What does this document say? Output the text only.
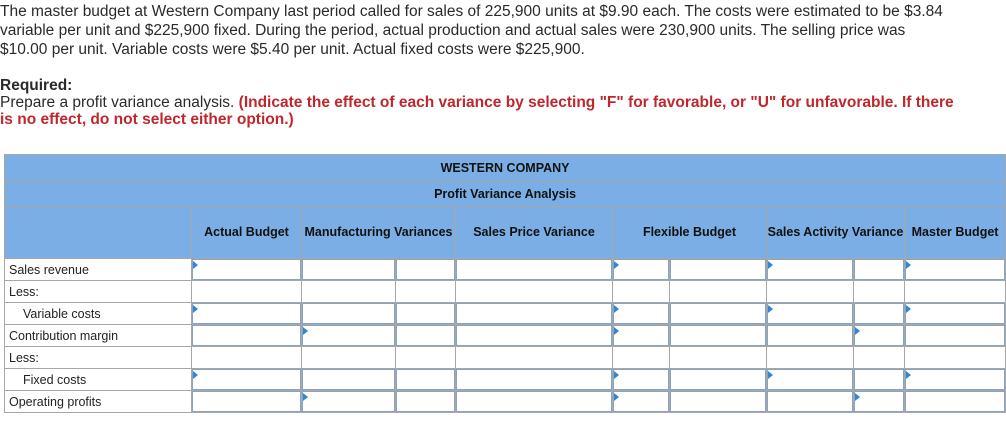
The master budget at Western Company last period called for sales of 225,900 units at $9.90 each. The costs were estimated to be $3.84 variable per unit and $225,900 fixed. During the period, actual production and actual sales were 230,900 units. The selling price was $10.00 per unit. Variable costs were $5.40 per unit. Actual fixed costs were $225,900.
Required:
Prepare a profit variance analysis. (Indicate the effect of each variance by selecting "F" for favorable, or "U" for unfavorable. If there is no effect, do not select either option.)
WESTERN COMPANY									
Profit Variance Analysis									
	Actual Budget	Manufacturing Variances		Sales Price Variance	Flexible Budget		Sales Activity Variance		Master Budget
Sales revenue	

Less:									
Variable costs	

Contribution margin	

Less:									
Fixed costs	

Operating profits	
